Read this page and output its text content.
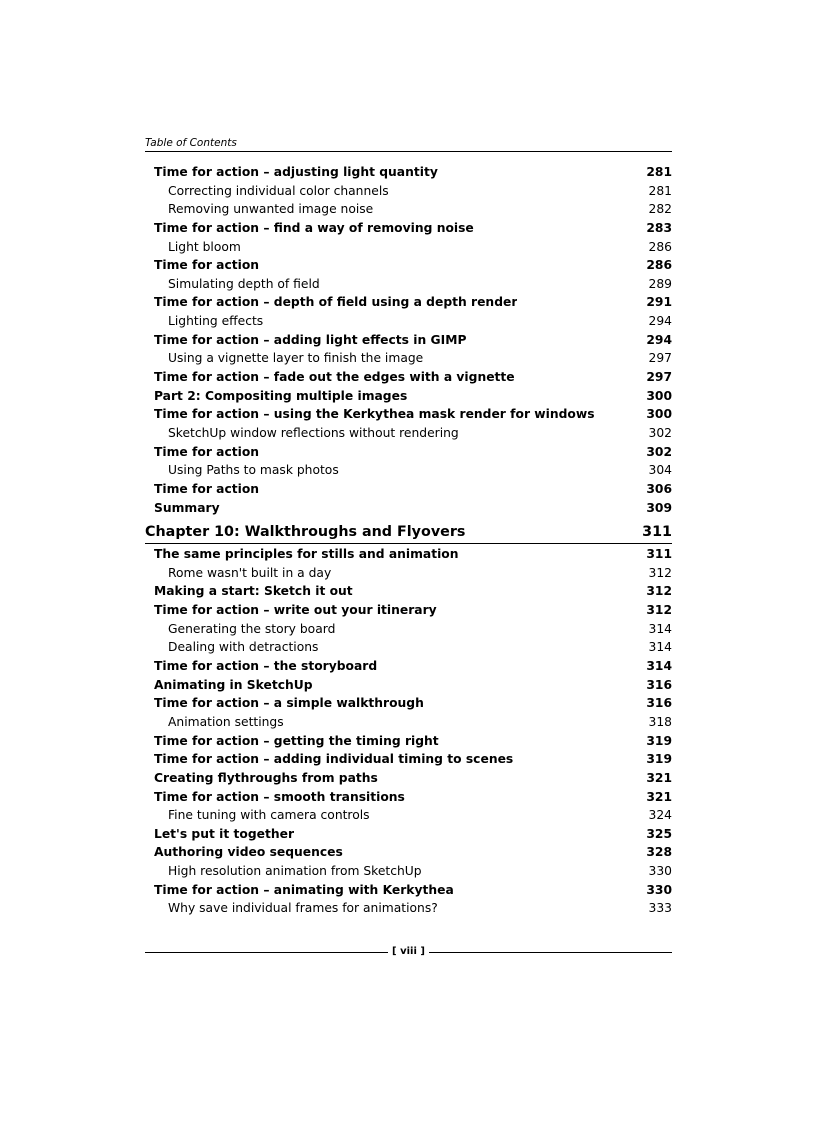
Table of Contents
Time for action – adjusting light quantity	281
Correcting individual color channels	281
Removing unwanted image noise	282
Time for action – find a way of removing noise	283
Light bloom	286
Time for action	286
Simulating depth of field	289
Time for action – depth of field using a depth render	291
Lighting effects	294
Time for action – adding light effects in GIMP	294
Using a vignette layer to finish the image	297
Time for action – fade out the edges with a vignette	297
Part 2: Compositing multiple images	300
Time for action – using the Kerkythea mask render for windows	300
SketchUp window reflections without rendering	302
Time for action	302
Using Paths to mask photos	304
Time for action	306
Summary	309
Chapter 10: Walkthroughs and Flyovers	311
The same principles for stills and animation	311
Rome wasn't built in a day	312
Making a start: Sketch it out	312
Time for action – write out your itinerary	312
Generating the story board	314
Dealing with detractions	314
Time for action – the storyboard	314
Animating in SketchUp	316
Time for action – a simple walkthrough	316
Animation settings	318
Time for action – getting the timing right	319
Time for action – adding individual timing to scenes	319
Creating flythroughs from paths	321
Time for action – smooth transitions	321
Fine tuning with camera controls	324
Let's put it together	325
Authoring video sequences	328
High resolution animation from SketchUp	330
Time for action – animating with Kerkythea	330
Why save individual frames for animations?	333
[ viii ]
